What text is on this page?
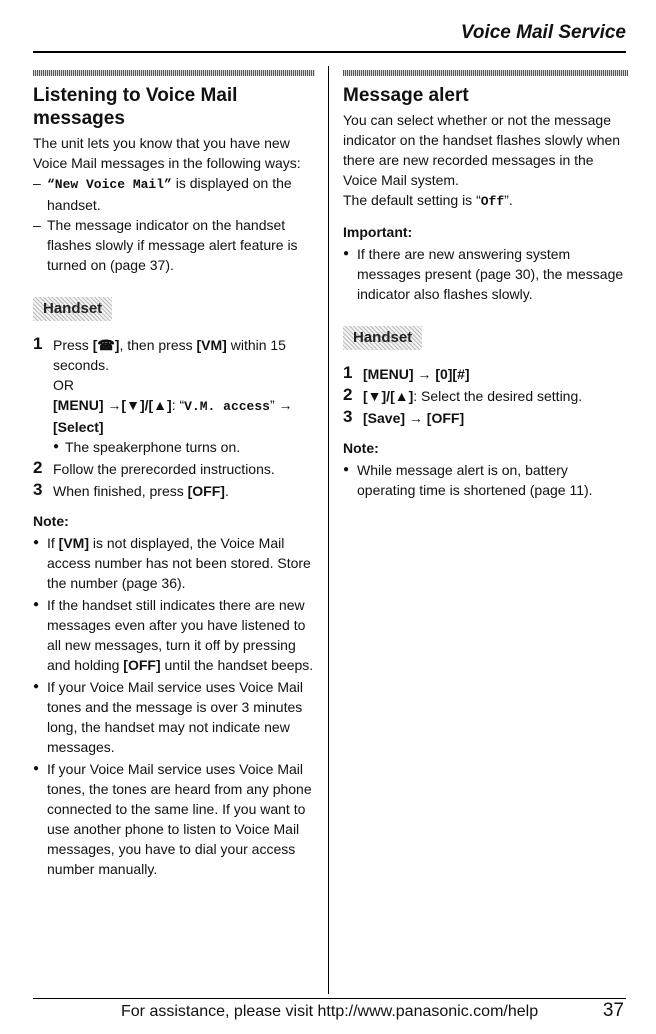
Voice Mail Service
Listening to Voice Mail messages

The unit lets you know that you have new Voice Mail messages in the following ways:

– “New Voice Mail” is displayed on the handset.

– The message indicator on the handset flashes slowly if message alert feature is turned on (page 37).

Handset
1 Press [☎], then press [VM] within 15 seconds.
OR
[MENU] →[▼]/[▲]: “V.M. access” → [Select]
● The speakerphone turns on.
2 Follow the prerecorded instructions.
3 When finished, press [OFF].

Note:

● If [VM] is not displayed, the Voice Mail access number has not been stored. Store the number (page 36).

● If the handset still indicates there are new messages even after you have listened to all new messages, turn it off by pressing and holding [OFF] until the handset beeps.

● If your Voice Mail service uses Voice Mail tones and the message is over 3 minutes long, the handset may not indicate new messages.

● If your Voice Mail service uses Voice Mail tones, the tones are heard from any phone connected to the same line. If you want to use another phone to listen to Voice Mail messages, you have to dial your access number manually.

Message alert

You can select whether or not the message indicator on the handset flashes slowly when there are new recorded messages in the Voice Mail system.

The default setting is “Off”.

Important:

● If there are new answering system messages present (page 30), the message indicator also flashes slowly.

Handset
1 [MENU] → [0][#]
2 [▼]/[▲]: Select the desired setting.
3 [Save] → [OFF]

Note:

● While message alert is on, battery operating time is shortened (page 11).

For assistance, please visit http://www.panasonic.com/help	37
